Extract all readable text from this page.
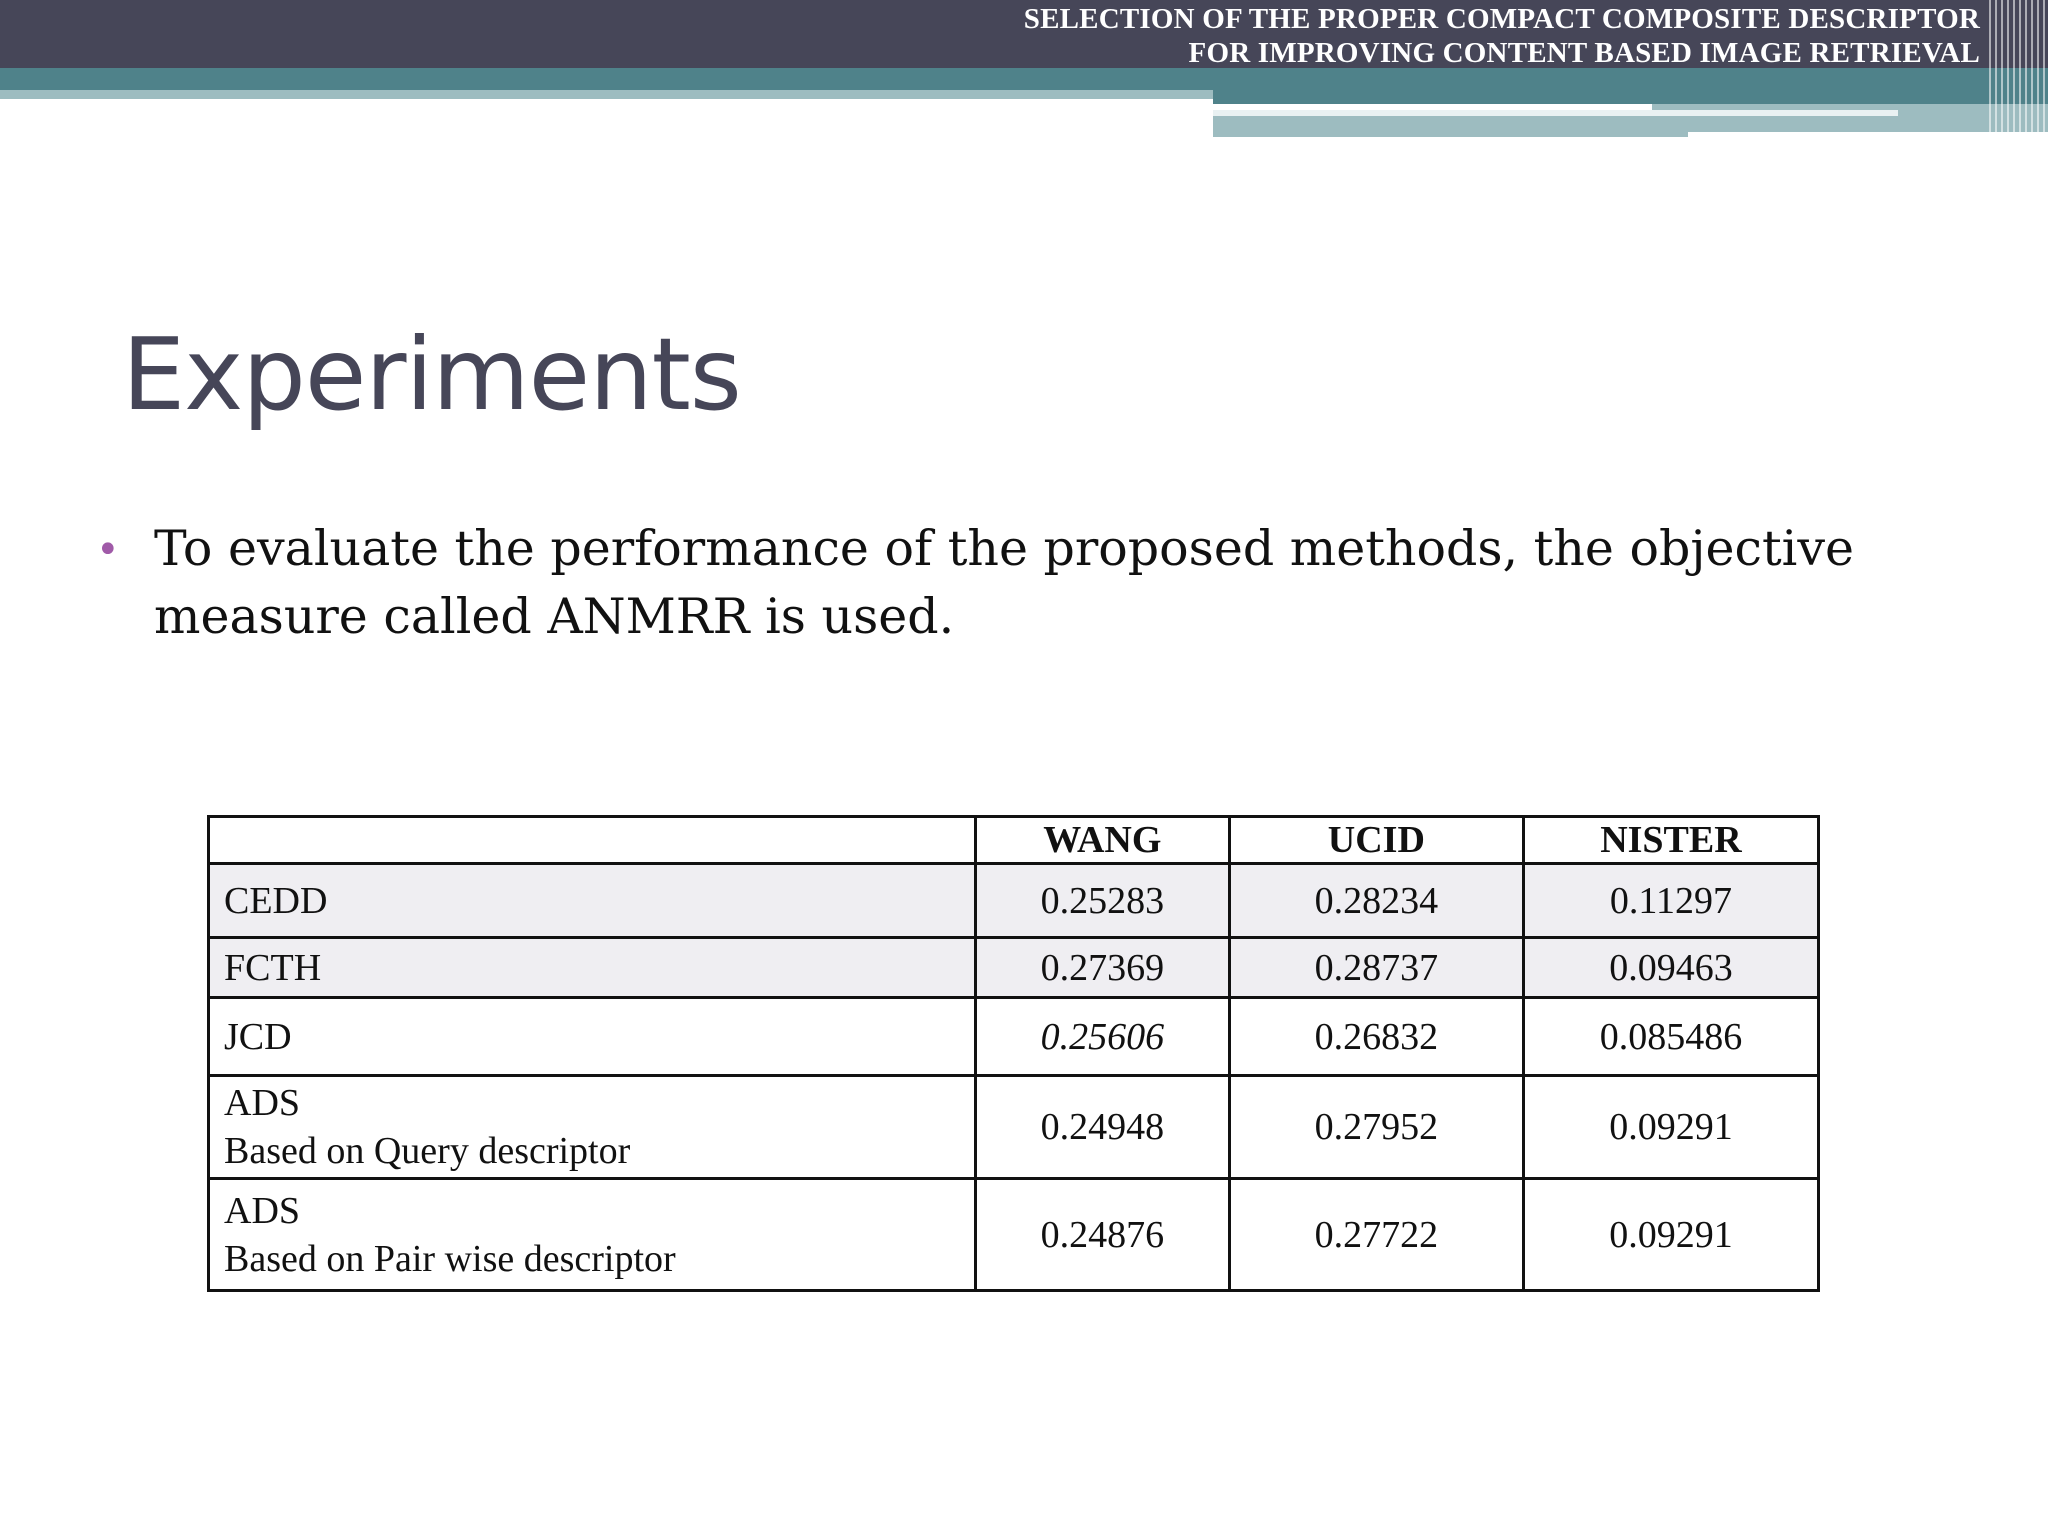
SELECTION OF THE PROPER COMPACT COMPOSITE DESCRIPTOR
FOR IMPROVING CONTENT BASED IMAGE RETRIEVAL
Experiments
• To evaluate the performance of the proposed methods, the objective measure called ANMRR is used.
	WANG	UCID	NISTER

CEDD	0.25283	0.28234	0.11297

FCTH	0.27369	0.28737	0.09463

JCD	0.25606	0.26832	0.085486

ADS
Based on Query descriptor	0.24948	0.27952	0.09291

ADS
Based on Pair wise descriptor	0.24876	0.27722	0.09291
